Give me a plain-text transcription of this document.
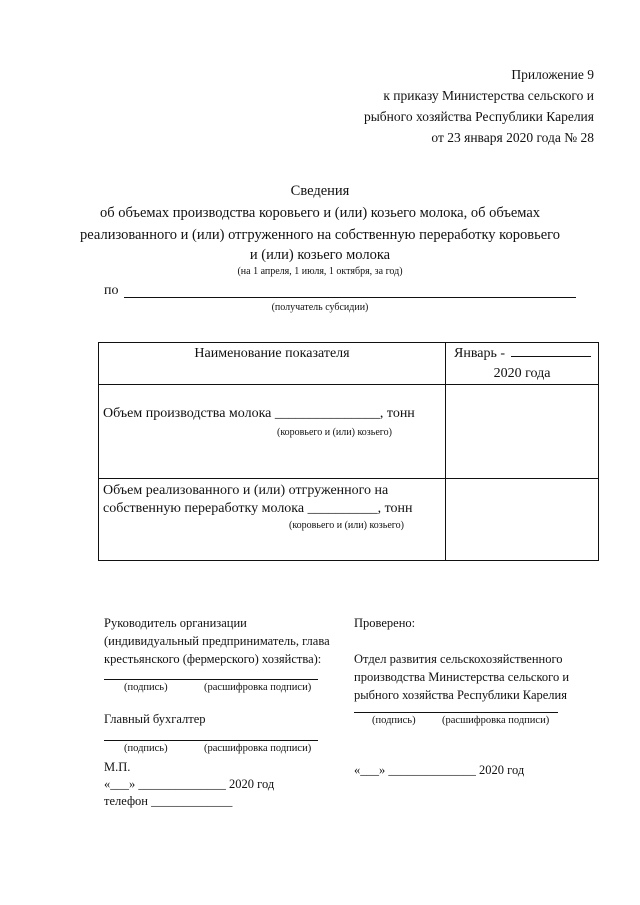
Приложение 9
к приказу Министерства сельского и
рыбного хозяйства Республики Карелия
от 23 января 2020 года № 28
Сведения
об объемах производства коровьего и (или) козьего молока, об объемах
реализованного и (или) отгруженного на собственную переработку коровьего
и (или) козьего молока
(на 1 апреля, 1 июля, 1 октября, за год)
по
(получатель субсидии)
Наименование показателя	Январь -
2020 года

Объем производства молока _______________, тонн
(коровьего и (или) козьего)	

Объем реализованного и (или) отгруженного на
собственную переработку молока __________, тонн
(коровьего и (или) козьего)	

Руководитель организации
(индивидуальный предприниматель, глава
крестьянского (фермерского) хозяйства):
(подпись)	(расшифровка подписи)
Главный бухгалтер
(подпись)	(расшифровка подписи)
М.П.
«___» ______________ 2020 год
телефон _____________
Проверено:
Отдел развития сельскохозяйственного
производства Министерства сельского и
рыбного хозяйства Республики Карелия
(подпись)	(расшифровка подписи)
«___» ______________ 2020 год
